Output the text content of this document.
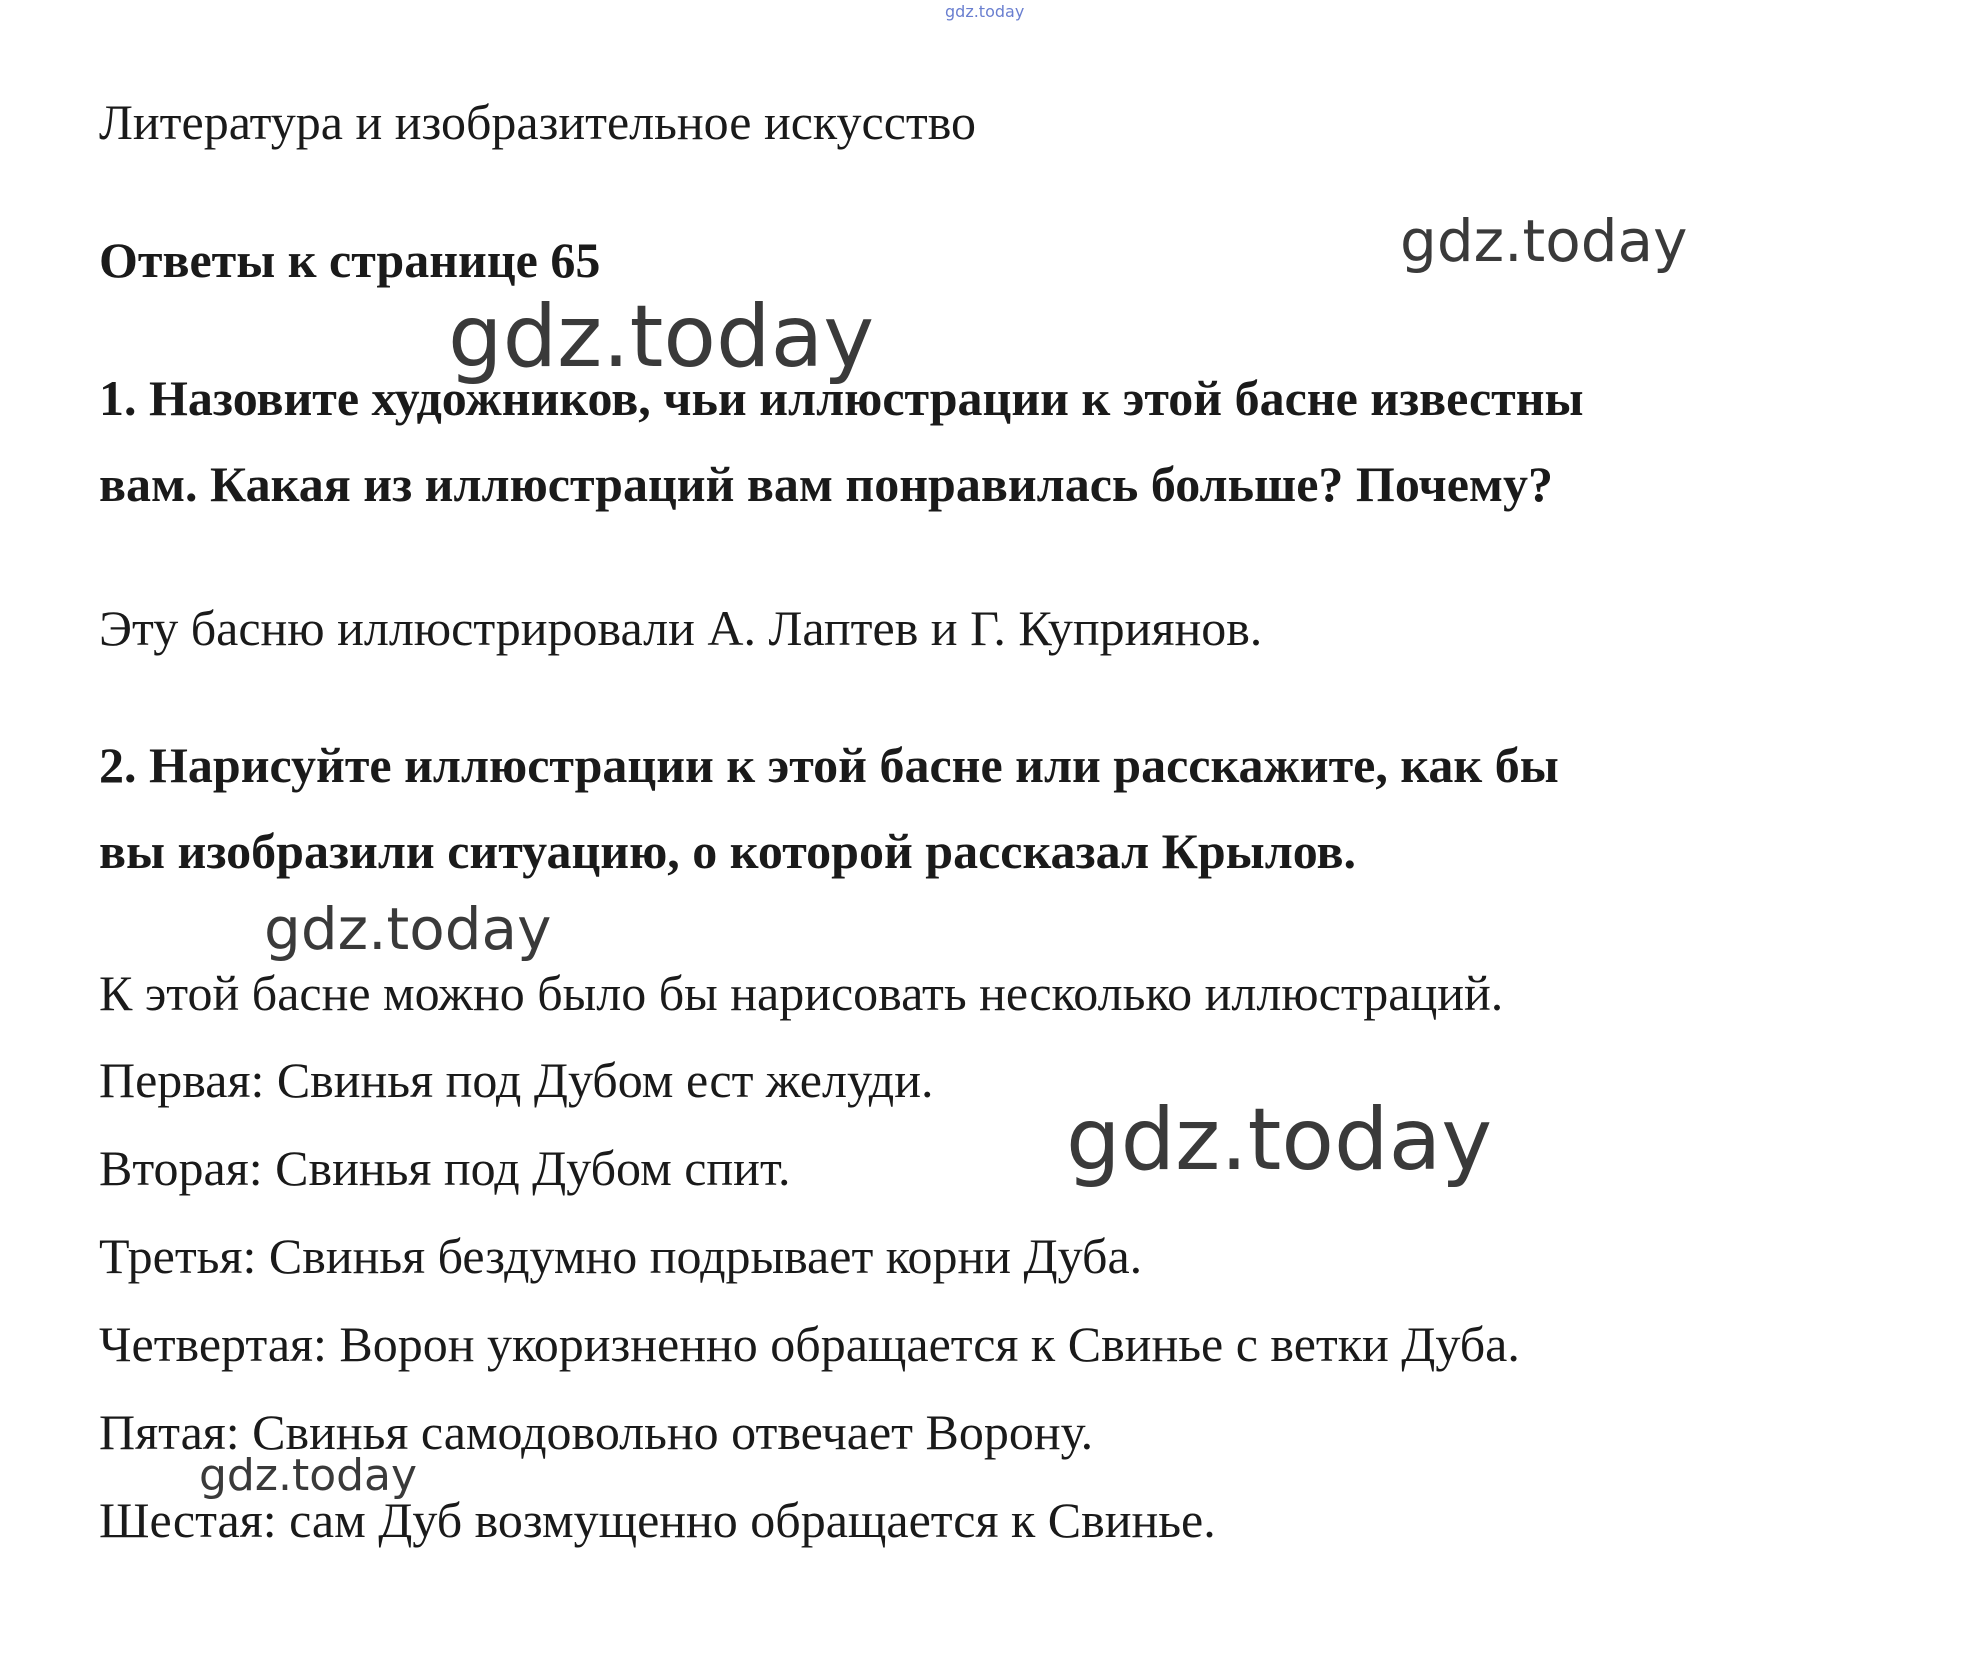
gdz.today
Литература и изобразительное искусство
Ответы к странице 65
1. Назовите художников, чьи иллюстрации к этой басне известны
вам. Какая из иллюстраций вам понравилась больше? Почему?
Эту басню иллюстрировали А. Лаптев и Г. Куприянов.
2. Нарисуйте иллюстрации к этой басне или расскажите, как бы
вы изобразили ситуацию, о которой рассказал Крылов.
К этой басне можно было бы нарисовать несколько иллюстраций.
Первая: Свинья под Дубом ест желуди.
Вторая: Свинья под Дубом спит.
Третья: Свинья бездумно подрывает корни Дуба.
Четвертая: Ворон укоризненно обращается к Свинье с ветки Дуба.
Пятая: Свинья самодовольно отвечает Ворону.
Шестая: сам Дуб возмущенно обращается к Свинье.
gdz.today
gdz.today
gdz.today
gdz.today
gdz.today
